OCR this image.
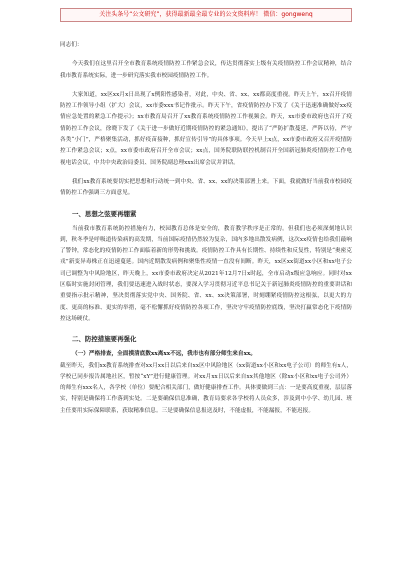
关注头条号“公文研究”，获得最新最全最专业的公文资料库！ 微信：gongwenq

同志们：

今天我们在这里召开全市教育系统疫情防控工作紧急会议，传达贯彻落实上级有关疫情防控工作会议精神，结合我市教育系统实际，进一步研究落实我市校园疫情防控工作。

大家知道，xx区xx月x日出现了x例阳性感染者，对此，中央、省、xx、xx都高度重视。昨天上午，xx召开疫情防控工作领导小组（扩大）会议，xx市委xxx书记作批示。昨天下午，省疫情防控办下发了《关于迅速准确做好xx疫情应急处置的紧急工作提示》；xx市教育局召开了xx教育系统疫情防控工作视频会。昨天，xx市委市政府也召开了疫情防控工作会议，徐晓下发了《关于进一步做好近期疫情防控的紧急通知》，提出了“严防扩散蔓延，严阵以待，严守各类“小门”，严格聚集活动，抓好疫苗接种，抓好宣传引导”的具体事项。今天早上x点，xx市委市政府又召开疫情防控工作紧急会议；x点，xx市委市政府召开全市会议；xx点，国务院联防联控机制召开全国新冠肺炎疫情防控工作电视电话会议，中共中央政治局委员、国务院副总理xxx出席会议并讲话。

我们xx教育系统要切实把思想和行动统一到中央、省、xx、xx的决策部署上来。下面，我就做好当前我市校园疫情防控工作强调三方面意见。

一、思想之弦要再绷紧

当前我市教育系统防控措施有力，校园教育总体是安全的，教育教学秩序是正常的。但我们也必须深刻地认识到，秋冬季是呼吸道传染病的高发期，当前国际疫情仍然较为复杂，国内多地出散发病例，这次xx疫情也给我们敲响了警钟，常态化的疫情防控工作面临着新的形势和挑战。疫情防控工作具有长期性、持续性和反复性，特别是“奥密克戎”新变异毒株正在迅速蔓延。国内近期散发病例和聚集性疫情一直没有间断。昨天，xx区xx街道xx小区和xx电子公司已调整为中风险地区，昨天晚上，xx市委市政府决定从2021年12月7日x时起，全市启动x级应急响应。同时对xx区临时实施封闭管理，我们要迅速进入战时状态，要深入学习贯彻习近平总书记关于新冠肺炎疫情防控的重要讲话和重要指示批示精神，坚决贯彻落实党中央、国务院、省、xx、xx决策部署，时刻绷紧疫情防控这根弦，以更大的力度、更高的标准、更实的举措，毫不松懈抓好疫情防控各项工作，坚决守牢疫情防控底线，坚决打赢常态化下疫情防控这场硬仗。

二、防控措施要再强化

（一）严格排查，全面摸清底数xx离xx不远，我市也有部分师生来自xx。

截至昨天，我们xx教育系统排查对xx月xx日以后来自xx区中风险地区（xx街道xx小区和xx电子公司）的师生有x人，学校已同步报告属地社区，暂按“xY”进行健康管理。对xx月xx日以后来自xx其他地区（除xx小区和xx电子公司外）的师生有xxx名人，各学校（单位）要配合相关部门，做好健康排查工作。具体要做到三点：一是要高度重视，层层落实，特别是确保将工作落到实处。二是要确保信息准确，教育局要求各学校将人员众多，涉及到中小学、幼儿园、班主任要用实际保障联系，获取精准信息。三是要确保信息报送及时，不能虚报，不能漏报，不能迟报。
